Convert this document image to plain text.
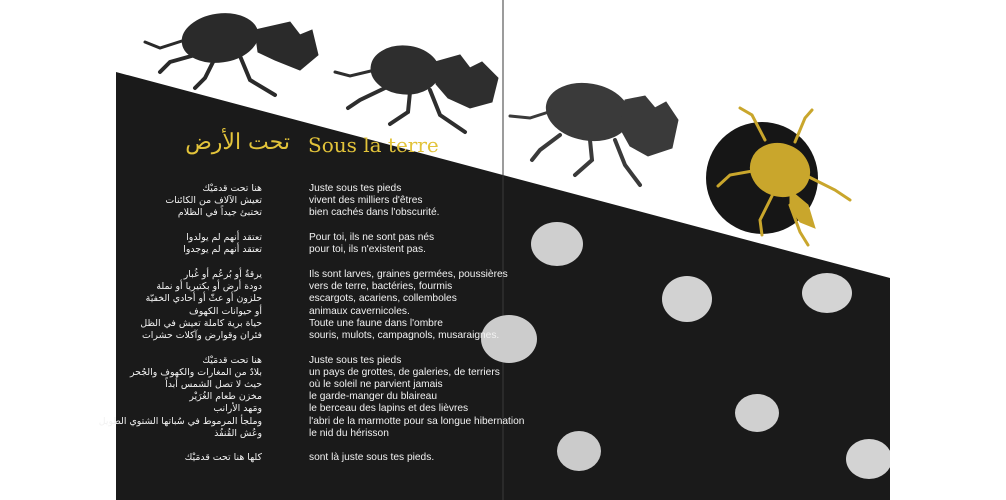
تحت الأرض Sous la terre
هنا تحت قدمَيْك
تعيش الآلاف من الكائنات
تختبئ جيداً في الظلام
تعتقد أنهم لم يولدوا
تعتقد أنهم لم يوجدوا
يرقةٌ أو بُرعُم أو غُبار
دودة أرض أو بكتيريا أو نملة
حلزون أو عثّ أو أحادي الخفيّة
أو حيوانات الكهوف
حياة برية كاملة تعيش في الظل
فئران وقوارض وآكلات حشرات
هنا تحت قدمَيْك
بلادٌ من المغارات والكهوف والجُحر
حيث لا تصل الشمس أبداً
مخزن طعام الغُرَيْر
ومَهد الأرانب
وملجأ المرموط في سُباتها الشتوي الطويل
وعُش القُنفُذ
كلها هنا تحت قدمَيْك
Juste sous tes pieds
vivent des milliers d'êtres
bien cachés dans l'obscurité.
Pour toi, ils ne sont pas nés
pour toi, ils n'existent pas.
Ils sont larves, graines germées, poussières
vers de terre, bactéries, fourmis
escargots, acariens, collemboles
animaux cavernicoles.
Toute une faune dans l'ombre
souris, mulots, campagnols, musaraignes.
Juste sous tes pieds
un pays de grottes, de galeries, de terriers
où le soleil ne parvient jamais
le garde-manger du blaireau
le berceau des lapins et des lièvres
l'abri de la marmotte pour sa longue hibernation
le nid du hérisson
sont là juste sous tes pieds.
